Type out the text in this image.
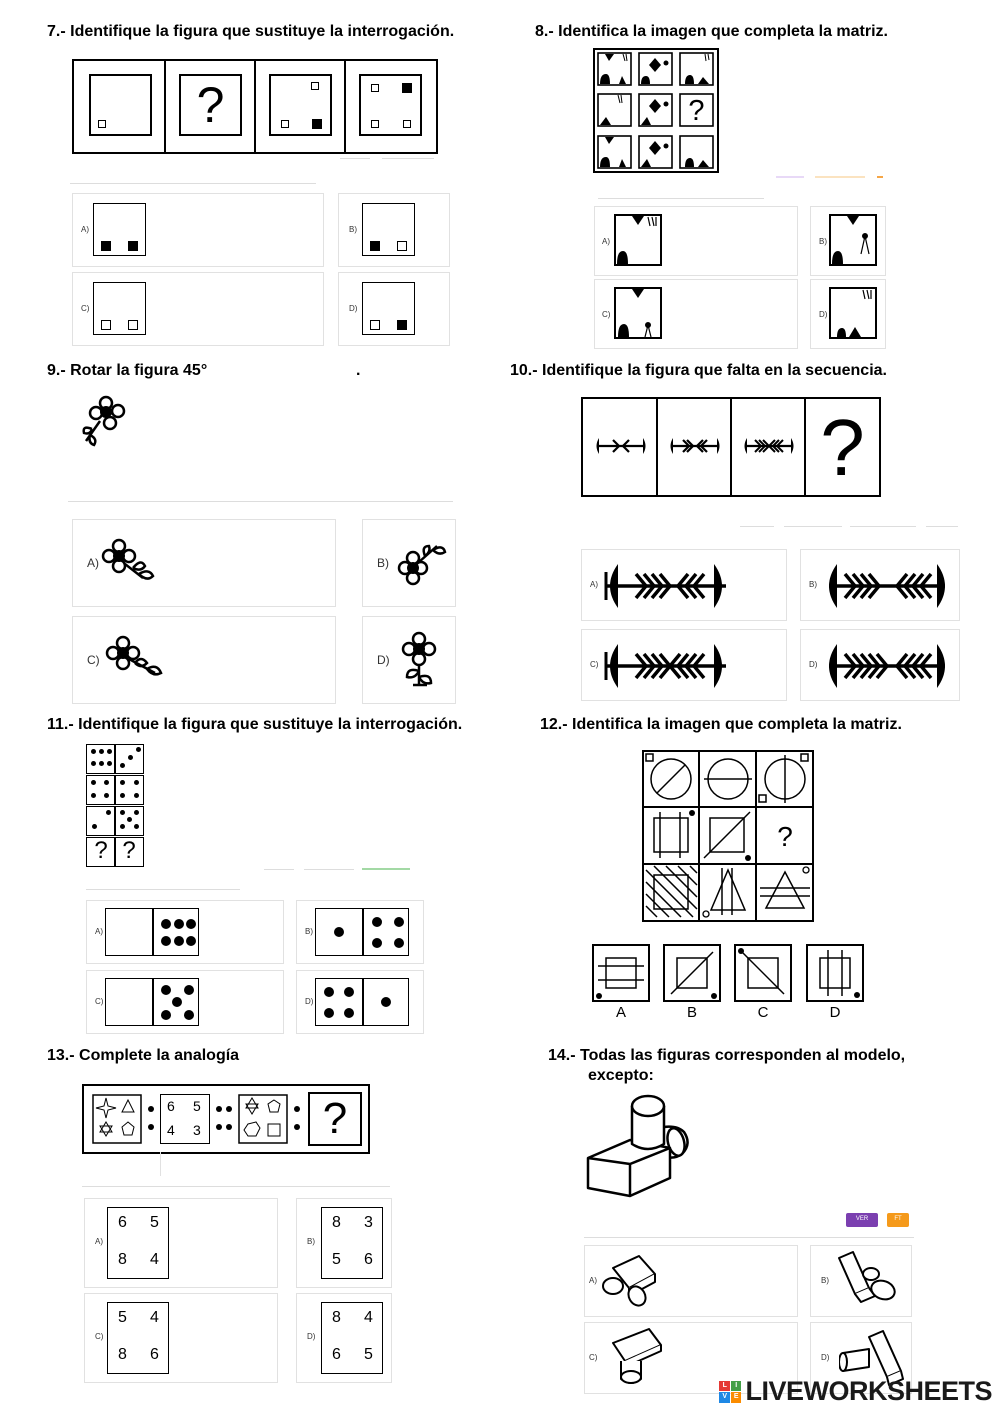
7.- Identifique la figura que sustituye la interrogación.
?
A)	B)
C)	D)
8.- Identifica la imagen que completa la matriz.
?
A)	B)
C)	D)
9.- Rotar la figura 45°	.
A)	B)
C)	D)
10.- Identifique la figura que falta en la secuencia.
?
A)	B)
C)	D)
11.- Identifique la figura que sustituye la interrogación.
? ?
A)	B)
C)	D)
12.- Identifica la imagen que completa la matriz.
?
A	B	C	D
13.- Complete la analogía
6 5
4 3	?
A)
6 5
8 4
B)
8 3
5 6
C)
5 4
8 6
D)
8 4
6 5
14.- Todas las figuras corresponden al modelo,
excepto:
VER	FT
A)	B)
C)	D)
L	I
V E LIVEWORKSHEETS
